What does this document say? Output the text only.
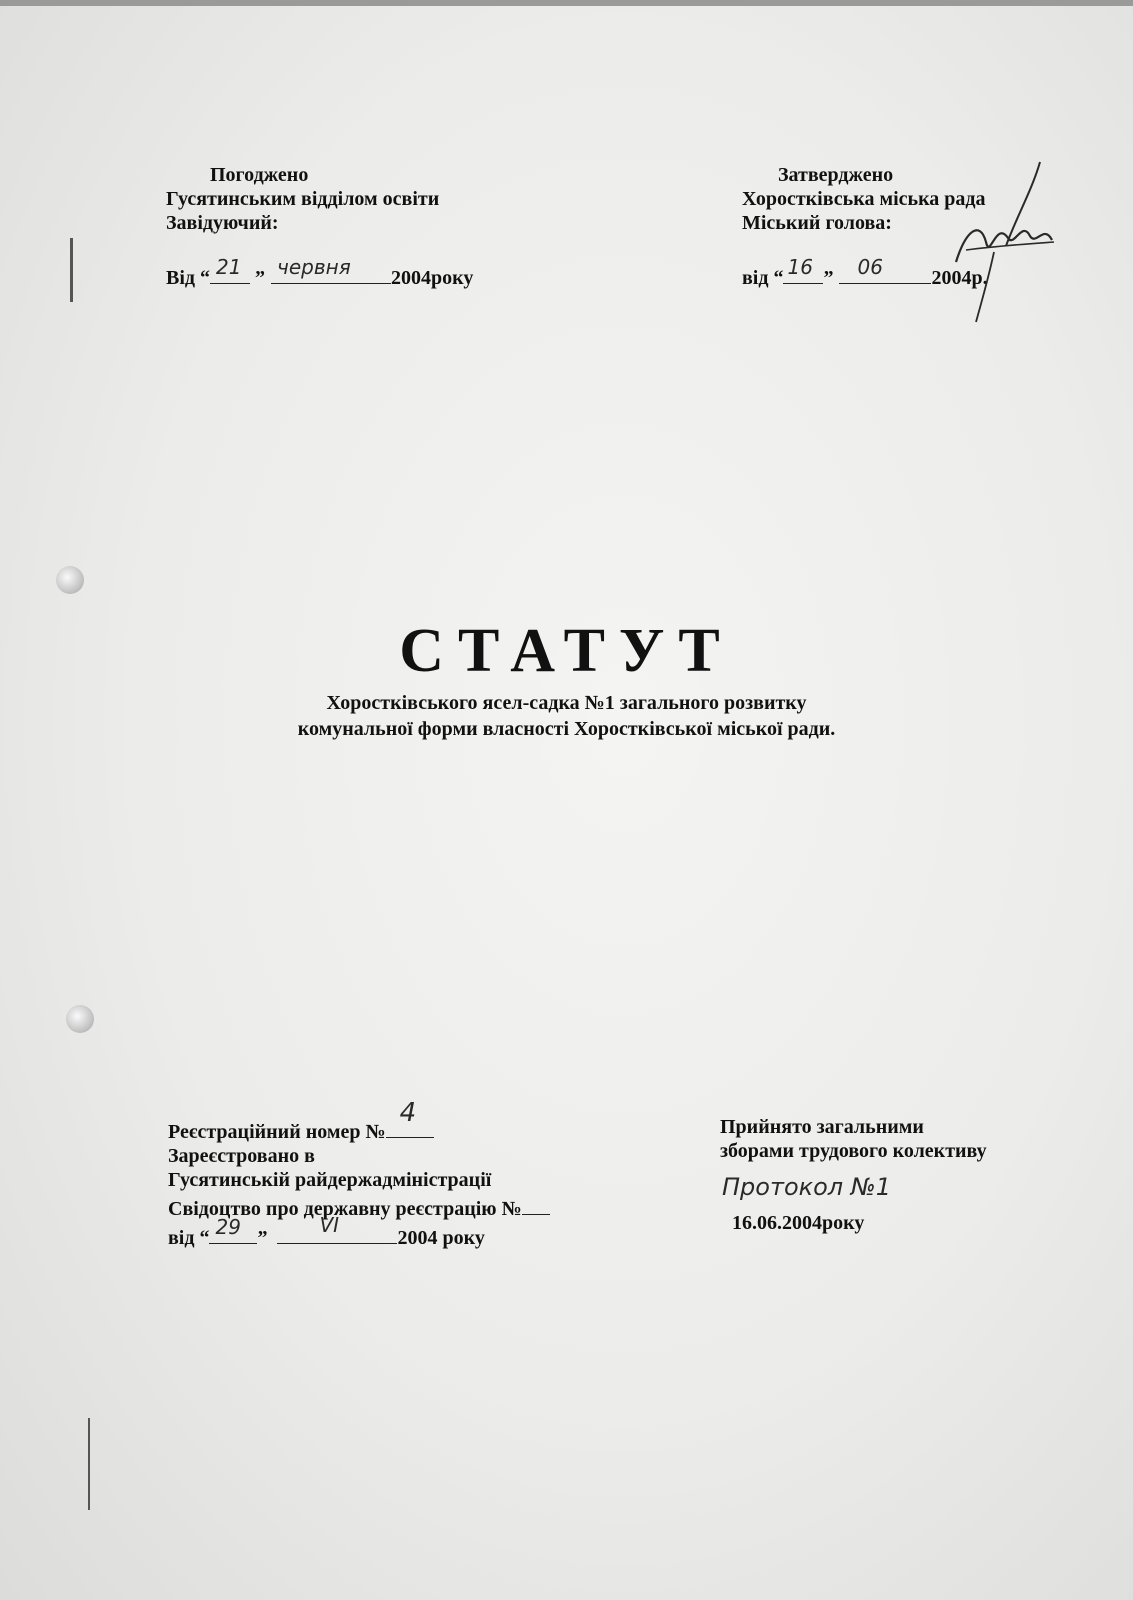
Погоджено
Гусятинським відділом освіти
Завідуючий:
Від “ 21 ” червня 2004року
Затверджено
Хоростківська міська рада
Міський голова:
від “ 16 ” 06 2004р.
СТАТУТ
Хоростківського ясел-садка №1 загального розвитку
комунальної форми власності Хоростківської міської ради.
Реєстраційний номер №
4
Зареєстровано в
Гусятинській райдержадміністрації
Свідоцтво про державну реєстрацію №
від “ 29 ”
VI
2004 року
Прийнято загальними
зборами трудового колективу
Протокол №1
16.06.2004року
